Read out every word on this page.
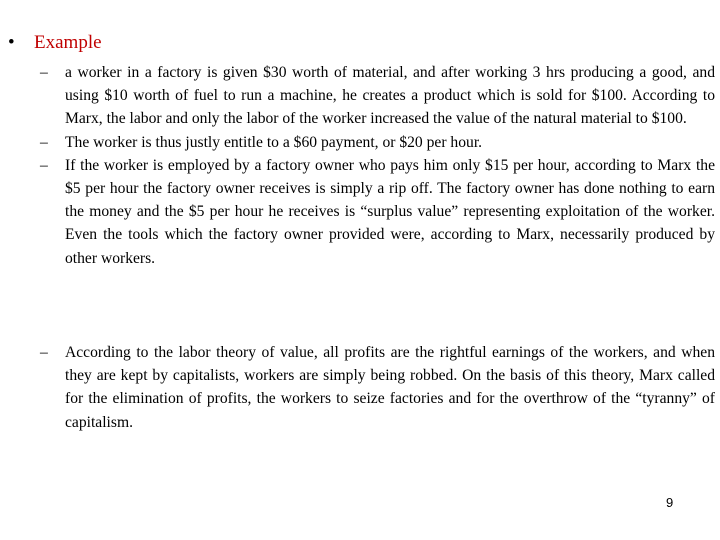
• Example
– a worker in a factory is given $30 worth of material, and after working 3 hrs producing a good, and using $10 worth of fuel to run a machine, he creates a product which is sold for $100. According to Marx, the labor and only the labor of the worker increased the value of the natural material to $100.
– The worker is thus justly entitle to a $60 payment, or $20 per hour.
– If the worker is employed by a factory owner who pays him only $15 per hour, according to Marx the $5 per hour the factory owner receives is simply a rip off. The factory owner has done nothing to earn the money and the $5 per hour he receives is “surplus value” representing exploitation of the worker. Even the tools which the factory owner provided were, according to Marx, necessarily produced by other workers.
– According to the labor theory of value, all profits are the rightful earnings of the workers, and when they are kept by capitalists, workers are simply being robbed. On the basis of this theory, Marx called for the elimination of profits, the workers to seize factories and for the overthrow of the “tyranny” of capitalism.
9
